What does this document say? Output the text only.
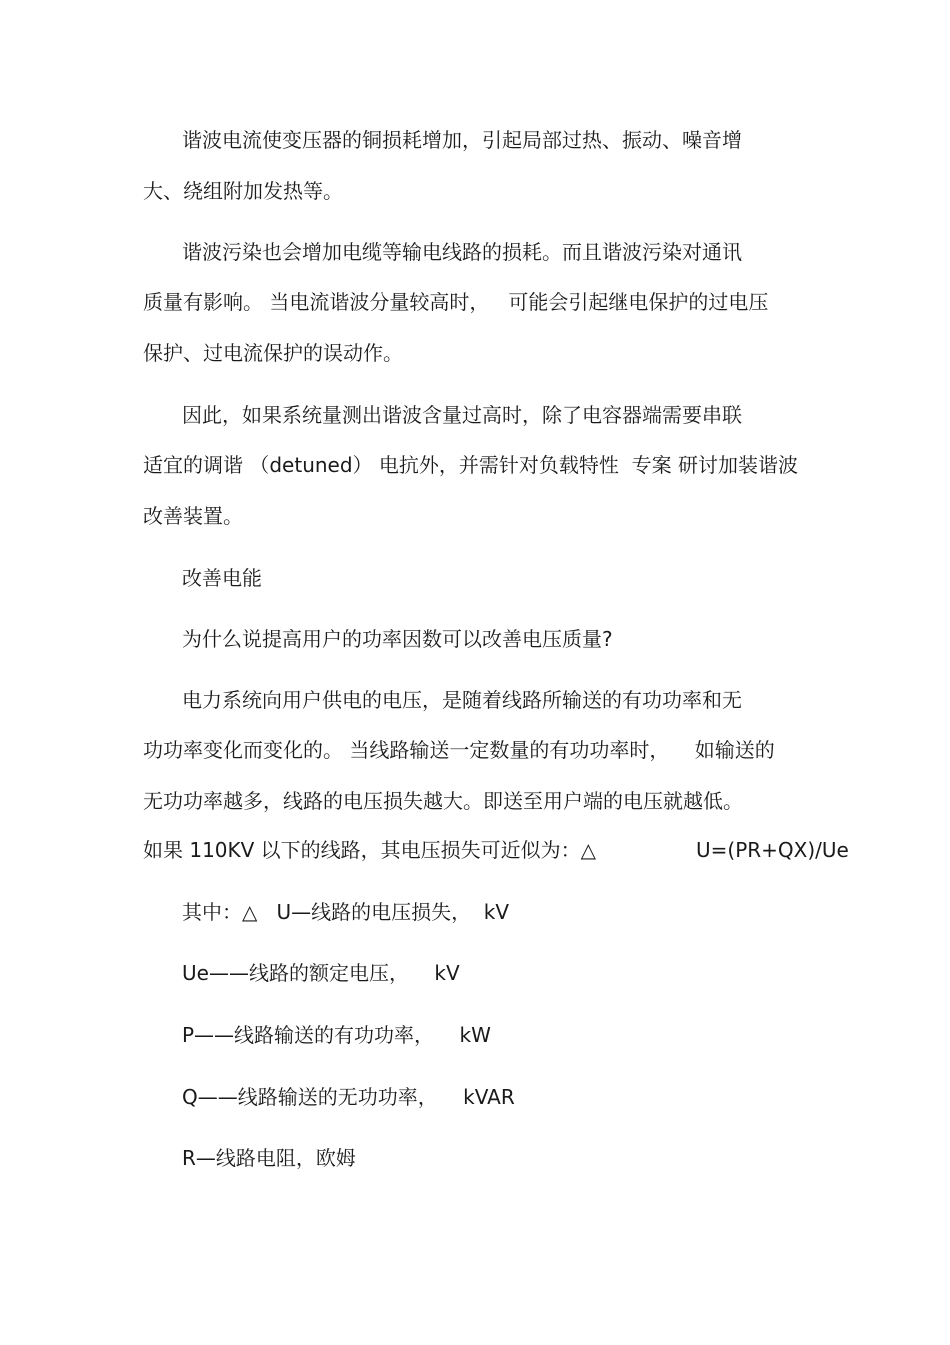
谐波电流使变压器的铜损耗增加，引起局部过热、振动、噪音增

大、绕组附加发热等。

谐波污染也会增加电缆等输电线路的损耗。而且谐波污染对通讯

质量有影响。 当电流谐波分量较高时，   可能会引起继电保护的过电压

保护、过电流保护的误动作。

因此，如果系统量测出谐波含量过高时，除了电容器端需要串联

适宜的调谐 （detuned） 电抗外，并需针对负载特性  专案 研讨加装谐波

改善装置。

改善电能

为什么说提高用户的功率因数可以改善电压质量?

电力系统向用户供电的电压，是随着线路所输送的有功功率和无

功功率变化而变化的。 当线路输送一定数量的有功功率时，    如输送的

无功功率越多，线路的电压损失越大。即送至用户端的电压就越低。

如果 110KV 以下的线路，其电压损失可近似为：△	U=(PR+QX)/Ue

其中：△   U—线路的电压损失，  kV

Ue——线路的额定电压，    kV

P——线路输送的有功功率，    kW

Q——线路输送的无功功率，    kVAR

R—线路电阻，欧姆
